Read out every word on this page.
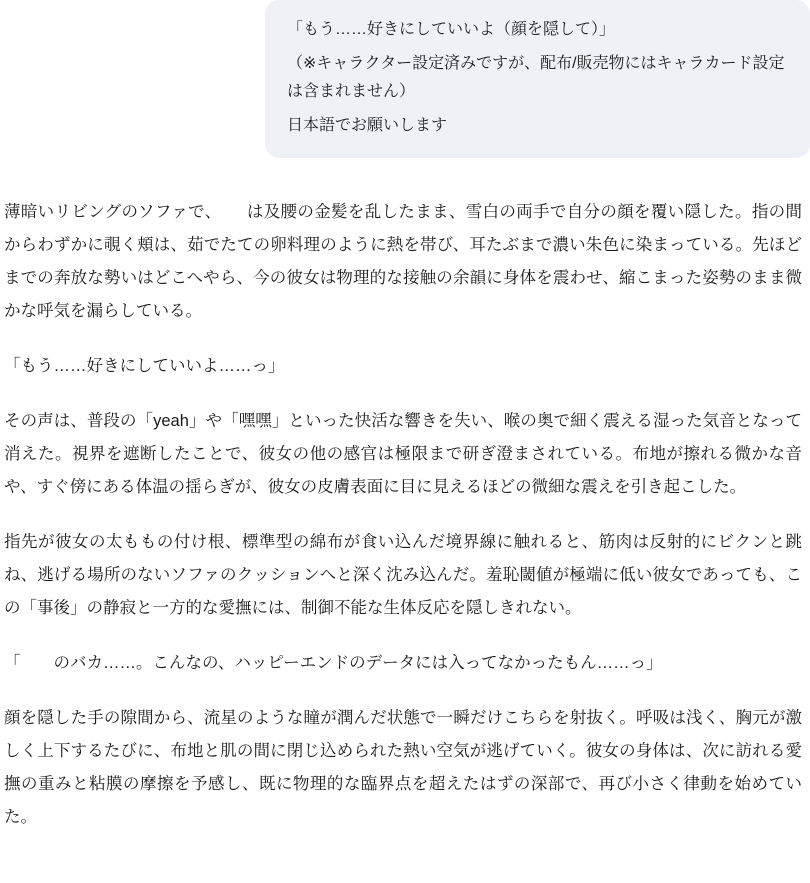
「もう……好きにしていいよ（顔を隠して）」

（※キャラクター設定済みですが、配布/販売物にはキャラカード設定は含まれません）

日本語でお願いします

薄暗いリビングのソファで、　　は及腰の金髪を乱したまま、雪白の両手で自分の顔を覆い隠した。指の間からわずかに覗く頬は、茹でたての卵料理のように熱を帯び、耳たぶまで濃い朱色に染まっている。先ほどまでの奔放な勢いはどこへやら、今の彼女は物理的な接触の余韻に身体を震わせ、縮こまった姿勢のまま微かな呼気を漏らしている。

「もう……好きにしていいよ……っ」

その声は、普段の「yeah」や「嘿嘿」といった快活な響きを失い、喉の奥で細く震える湿った気音となって消えた。視界を遮断したことで、彼女の他の感官は極限まで研ぎ澄まされている。布地が擦れる微かな音や、すぐ傍にある体温の揺らぎが、彼女の皮膚表面に目に見えるほどの微細な震えを引き起こした。

指先が彼女の太ももの付け根、標準型の綿布が食い込んだ境界線に触れると、筋肉は反射的にビクンと跳ね、逃げる場所のないソファのクッションへと深く沈み込んだ。羞恥閾値が極端に低い彼女であっても、この「事後」の静寂と一方的な愛撫には、制御不能な生体反応を隠しきれない。

「　　のバカ……。こんなの、ハッピーエンドのデータには入ってなかったもん……っ」

顔を隠した手の隙間から、流星のような瞳が潤んだ状態で一瞬だけこちらを射抜く。呼吸は浅く、胸元が激しく上下するたびに、布地と肌の間に閉じ込められた熱い空気が逃げていく。彼女の身体は、次に訪れる愛撫の重みと粘膜の摩擦を予感し、既に物理的な臨界点を超えたはずの深部で、再び小さく律動を始めていた。
